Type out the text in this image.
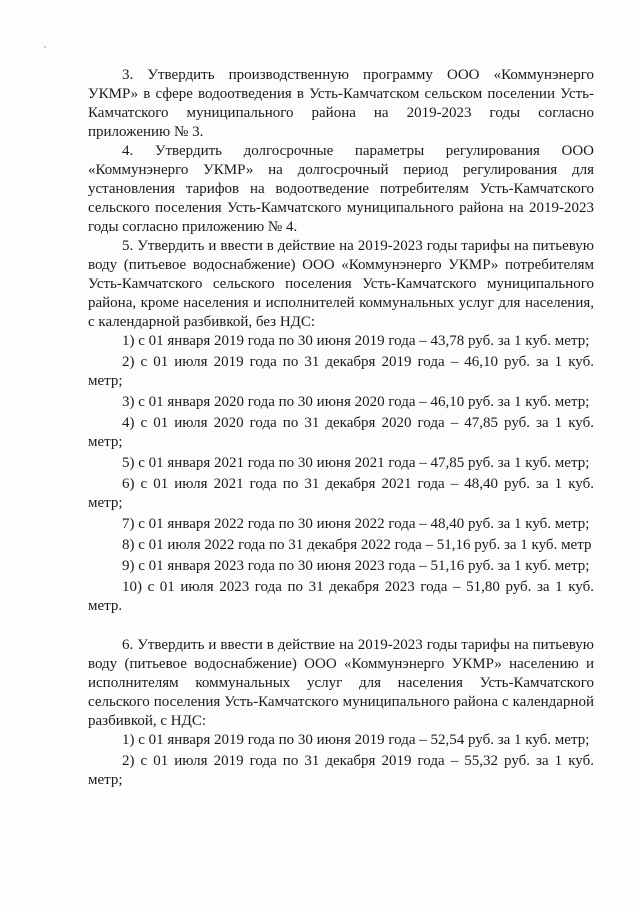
3. Утвердить производственную программу ООО «Коммунэнерго УКМР» в сфере водоотведения в Усть-Камчатском сельском поселении Усть-Камчатского муниципального района на 2019-2023 годы согласно приложению № 3.

4. Утвердить долгосрочные параметры регулирования ООО «Коммунэнерго УКМР» на долгосрочный период регулирования для установления тарифов на водоотведение потребителям Усть-Камчатского сельского поселения Усть-Камчатского муниципального района на 2019-2023 годы согласно приложению № 4.

5. Утвердить и ввести в действие на 2019-2023 годы тарифы на питьевую воду (питьевое водоснабжение) ООО «Коммунэнерго УКМР» потребителям Усть-Камчатского сельского поселения Усть-Камчатского муниципального района, кроме населения и исполнителей коммунальных услуг для населения, с календарной разбивкой, без НДС:

1) с 01 января 2019 года по 30 июня 2019 года – 43,78 руб. за 1 куб. метр;

2) с 01 июля 2019 года по 31 декабря 2019 года – 46,10 руб. за 1 куб. метр;

3) с 01 января 2020 года по 30 июня 2020 года – 46,10 руб. за 1 куб. метр;

4) с 01 июля 2020 года по 31 декабря 2020 года – 47,85 руб. за 1 куб. метр;

5) с 01 января 2021 года по 30 июня 2021 года – 47,85 руб. за 1 куб. метр;

6) с 01 июля 2021 года по 31 декабря 2021 года – 48,40 руб. за 1 куб. метр;

7) с 01 января 2022 года по 30 июня 2022 года – 48,40 руб. за 1 куб. метр;

8) с 01 июля 2022 года по 31 декабря 2022 года – 51,16 руб. за 1 куб. метр

9) с 01 января 2023 года по 30 июня 2023 года – 51,16 руб. за 1 куб. метр;

10) с 01 июля 2023 года по 31 декабря 2023 года – 51,80 руб. за 1 куб. метр.

6. Утвердить и ввести в действие на 2019-2023 годы тарифы на питьевую воду (питьевое водоснабжение) ООО «Коммунэнерго УКМР» населению и исполнителям коммунальных услуг для населения Усть-Камчатского сельского поселения Усть-Камчатского муниципального района с календарной разбивкой, с НДС:

1) с 01 января 2019 года по 30 июня 2019 года – 52,54 руб. за 1 куб. метр;

2) с 01 июля 2019 года по 31 декабря 2019 года – 55,32 руб. за 1 куб. метр;
